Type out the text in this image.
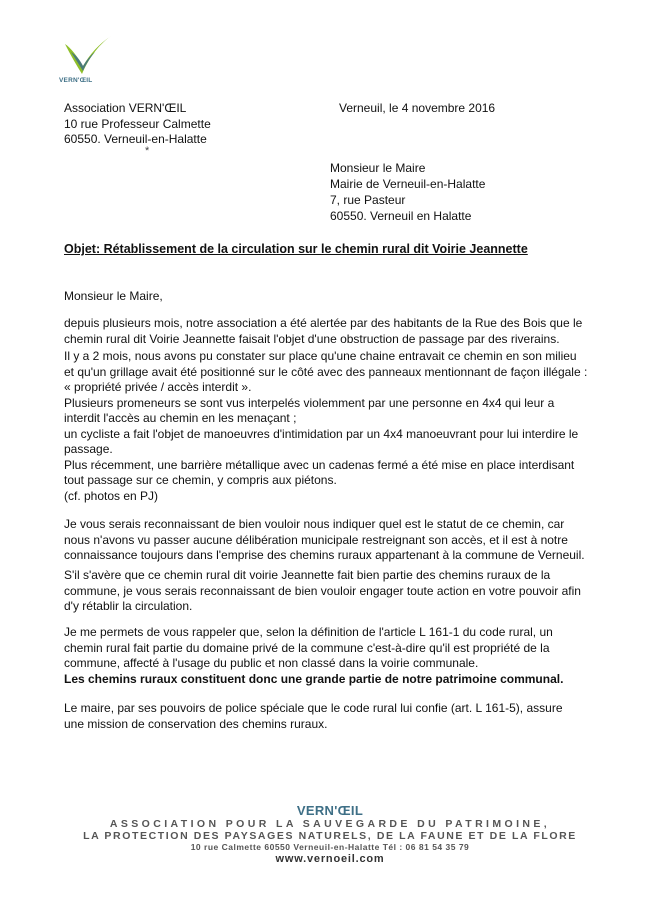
VERN'ŒIL
Association VERN'ŒIL
10 rue Professeur Calmette
60550. Verneuil-en-Halatte
*
Verneuil, le 4 novembre 2016
Monsieur le Maire
Mairie de Verneuil-en-Halatte
7, rue Pasteur
60550. Verneuil en Halatte
Objet: Rétablissement de la circulation sur le chemin rural dit Voirie Jeannette
Monsieur le Maire,
depuis plusieurs mois, notre association a été alertée par des habitants de la Rue des Bois que le
chemin rural dit Voirie Jeannette faisait l'objet d'une obstruction de passage par des riverains.
Il y a 2 mois, nous avons pu constater sur place qu'une chaine entravait ce chemin en son milieu
et qu'un grillage avait été positionné sur le côté avec des panneaux mentionnant de façon illégale :
« propriété privée / accès interdit ».
Plusieurs promeneurs se sont vus interpelés violemment par une personne en 4x4 qui leur a
interdit l'accès au chemin en les menaçant ;
un cycliste a fait l'objet de manoeuvres d'intimidation par un 4x4 manoeuvrant pour lui interdire le
passage.
Plus récemment, une barrière métallique avec un cadenas fermé a été mise en place interdisant
tout passage sur ce chemin, y compris aux piétons.
(cf. photos en PJ)
Je vous serais reconnaissant de bien vouloir nous indiquer quel est le statut de ce chemin, car
nous n'avons vu passer aucune délibération municipale restreignant son accès, et il est à notre
connaissance toujours dans l'emprise des chemins ruraux appartenant à la commune de Verneuil.
S'il s'avère que ce chemin rural dit voirie Jeannette fait bien partie des chemins ruraux de la
commune, je vous serais reconnaissant de bien vouloir engager toute action en votre pouvoir afin
d'y rétablir la circulation.
Je me permets de vous rappeler que, selon la définition de l'article L 161-1 du code rural, un
chemin rural fait partie du domaine privé de la commune c'est-à-dire qu'il est propriété de la
commune, affecté à l'usage du public et non classé dans la voirie communale.
Les chemins ruraux constituent donc une grande partie de notre patrimoine communal.
Le maire, par ses pouvoirs de police spéciale que le code rural lui confie (art. L 161-5), assure
une mission de conservation des chemins ruraux.
VERN'ŒIL
ASSOCIATION POUR LA SAUVEGARDE DU PATRIMOINE,
LA PROTECTION DES PAYSAGES NATURELS, DE LA FAUNE ET DE LA FLORE
10 rue Calmette 60550 Verneuil-en-Halatte Tél : 06 81 54 35 79
www.vernoeil.com
